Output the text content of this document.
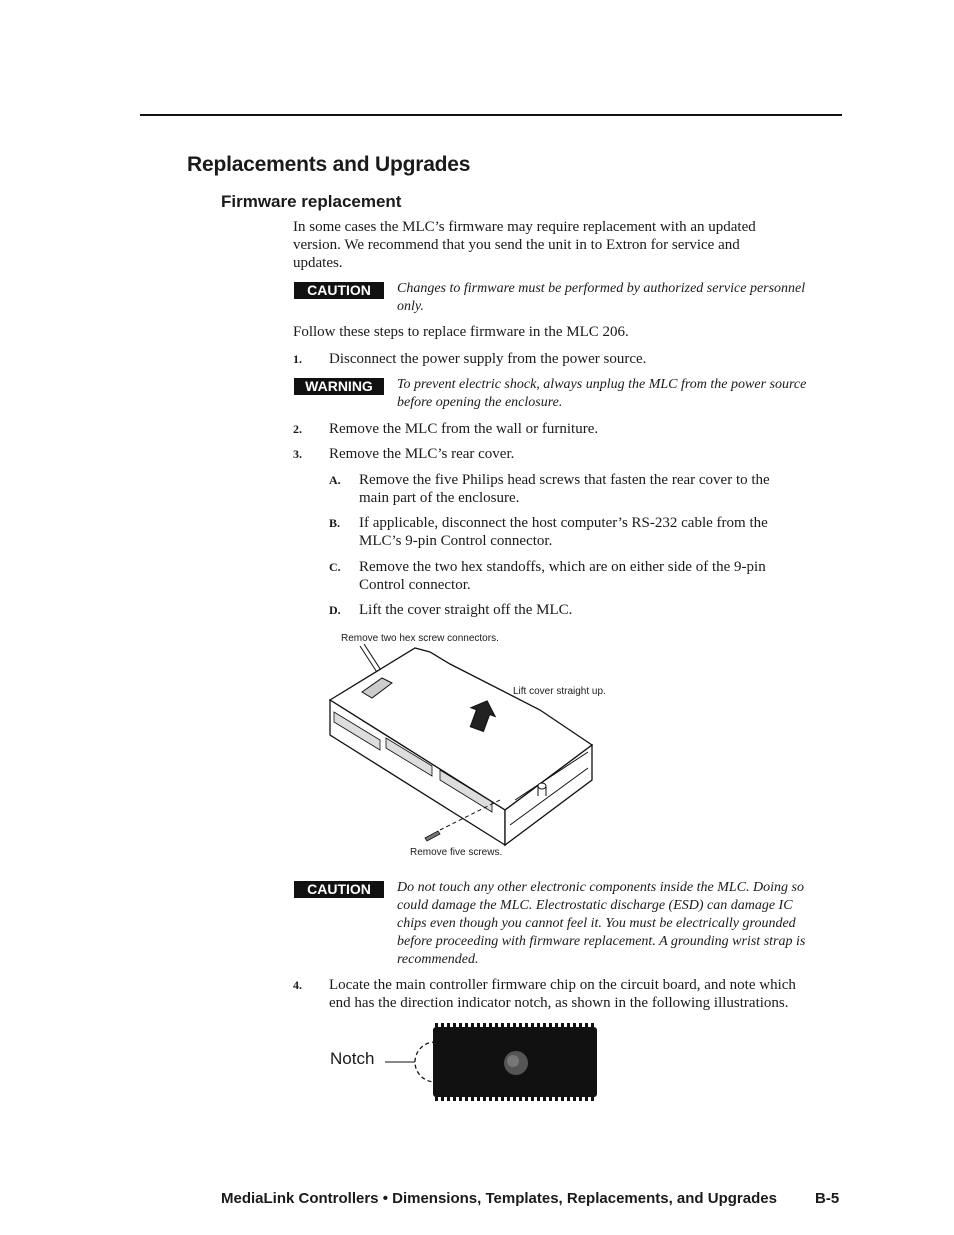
Replacements and Upgrades
Firmware replacement
In some cases the MLC’s firmware may require replacement with an updated
version. We recommend that you send the unit in to Extron for service and
updates.
CAUTION	Changes to firmware must be performed by authorized service personnel
only.
Follow these steps to replace firmware in the MLC 206.
1. Disconnect the power supply from the power source.
WARNING	To prevent electric shock, always unplug the MLC from the power source
before opening the enclosure.
2. Remove the MLC from the wall or furniture.
3. Remove the MLC’s rear cover.
A. Remove the five Philips head screws that fasten the rear cover to the
main part of the enclosure.
B. If applicable, disconnect the host computer’s RS-232 cable from the
MLC’s 9-pin Control connector.
C. Remove the two hex standoffs, which are on either side of the 9-pin
Control connector.
D. Lift the cover straight off the MLC.
Remove two hex screw connectors.
Lift cover straight up.
Remove five screws.
CAUTION	Do not touch any other electronic components inside the MLC. Doing so
could damage the MLC. Electrostatic discharge (ESD) can damage IC
chips even though you cannot feel it. You must be electrically grounded
before proceeding with firmware replacement. A grounding wrist strap is
recommended.
4. Locate the main controller firmware chip on the circuit board, and note which
end has the direction indicator notch, as shown in the following illustrations.
Notch
MediaLink Controllers • Dimensions, Templates, Replacements, and Upgrades	B-5
